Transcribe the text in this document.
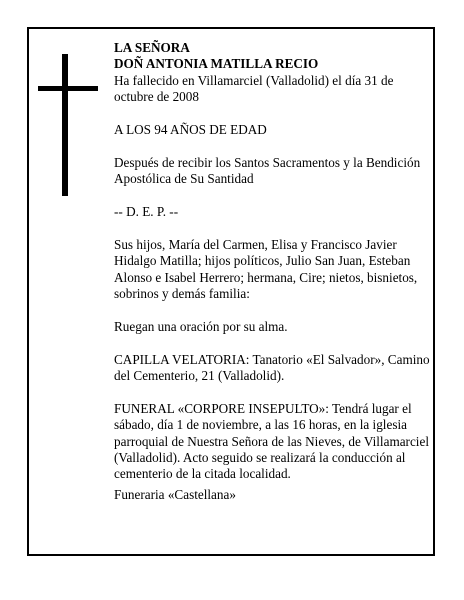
LA SEÑORA
DOÑ ANTONIA MATILLA RECIO

Ha fallecido en Villamarciel (Valladolid) el día 31 de octubre de 2008

A LOS 94 AÑOS DE EDAD

Después de recibir los Santos Sacramentos y la Bendición Apostólica de Su Santidad

-- D. E. P. --

Sus hijos, María del Carmen, Elisa y Francisco Javier Hidalgo Matilla; hijos políticos, Julio San Juan, Esteban Alonso e Isabel Herrero; hermana, Cire; nietos, bisnietos, sobrinos y demás familia:

Ruegan una oración por su alma.

CAPILLA VELATORIA: Tanatorio «El Salvador», Camino del Cementerio, 21 (Valladolid).

FUNERAL «CORPORE INSEPULTO»: Tendrá lugar el sábado, día 1 de noviembre, a las 16 horas, en la iglesia parroquial de Nuestra Señora de las Nieves, de Villamarciel (Valladolid). Acto seguido se realizará la conducción al cementerio de la citada localidad.

Funeraria «Castellana»
